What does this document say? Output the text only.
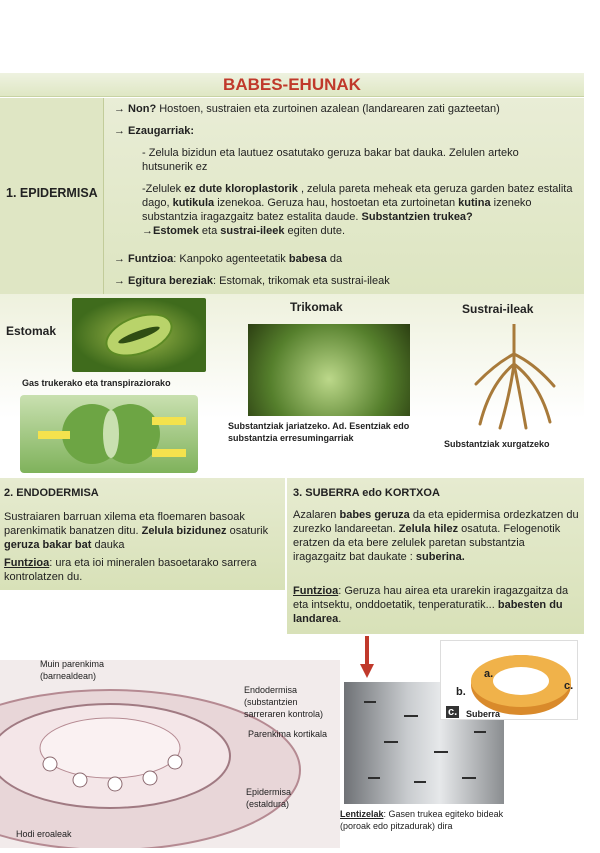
BABES-EHUNAK
1. EPIDERMISA

→ Non? Hostoen, sustraien eta zurtoinen azalean (landarearen zati gazteetan)

→ Ezaugarriak:

- Zelula bizidun eta lautuez osatutako geruza bakar bat dauka. Zelulen arteko hutsunerik ez

-Zelulek ez dute kloroplastorik , zelula pareta meheak eta geruza garden batez estalita dago, kutikula izenekoa. Geruza hau, hostoetan eta zurtoinetan kutina izeneko substantzia iragazgaitz batez estalita daude. Substantzien trukea?
→Estomek eta sustrai-ileek egiten dute.

→ Funtzioa: Kanpoko agenteetatik babesa da

→ Egitura bereziak: Estomak, trikomak eta sustrai-ileak

Estomak
Gas trukerako eta transpiraziorako
Trikomak
Substantziak jariatzeko. Ad. Esentziak edo substantzia erresumingarriak
Sustrai-ileak
Substantziak xurgatzeko

2. ENDODERMISA

Sustraiaren barruan xilema eta floemaren basoak parenkimatik banatzen ditu. Zelula bizidunez osaturik geruza bakar bat dauka

Funtzioa: ura eta ioi mineralen basoetarako sarrera kontrolatzen du.

3. SUBERRA edo KORTXOA

Azalaren babes geruza da eta epidermisa ordezkatzen du zurezko landareetan. Zelula hilez osatuta. Felogenotik eratzen da eta bere zelulek paretan substantzia iragazgaitz bat daukate : suberina.

Funtzioa: Geruza hau airea eta urarekin iragazgaitza da eta intsektu, onddoetatik, tenperaturatik... babesten du landarea.

Muin parenkima (barnealdean)
Endodermisa (substantzien sarreraren kontrola)
Parenkima kortikala
Epidermisa (estaldura)
Hodi eroaleak
Lentizelak: Gasen trukea egiteko bideak (poroak edo pitzadurak) dira
a.
b.	c.
c. Suberra
